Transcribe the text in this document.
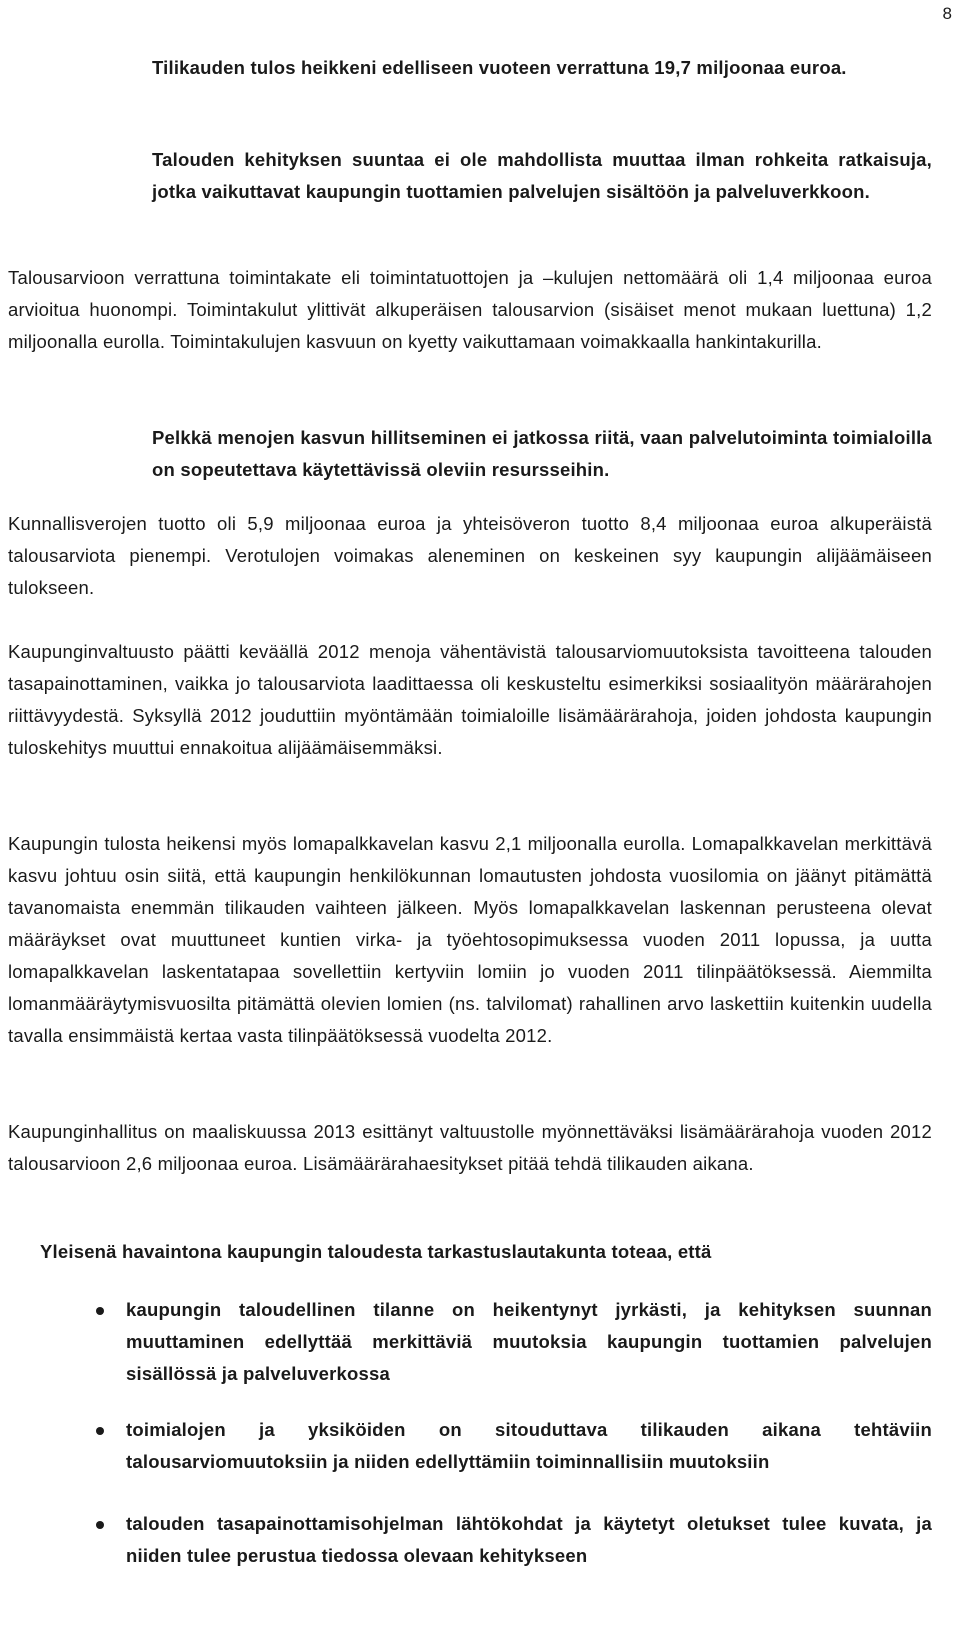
8

Tilikauden tulos heikkeni edelliseen vuoteen verrattuna 19,7 miljoonaa euroa.

Talouden kehityksen suuntaa ei ole mahdollista muuttaa ilman rohkeita ratkaisuja, jotka vaikuttavat kaupungin tuottamien palvelujen sisältöön ja palveluverkkoon.

Talousarvioon verrattuna toimintakate eli toimintatuottojen ja –kulujen nettomäärä oli 1,4 miljoonaa euroa arvioitua huonompi. Toimintakulut ylittivät alkuperäisen talousarvion (sisäiset menot mukaan luettuna) 1,2 miljoonalla eurolla. Toimintakulujen kasvuun on kyetty vaikuttamaan voimakkaalla hankintakurilla.

Pelkkä menojen kasvun hillitseminen ei jatkossa riitä, vaan palvelutoiminta toimialoilla on sopeutettava käytettävissä oleviin resursseihin.

Kunnallisverojen tuotto oli 5,9 miljoonaa euroa ja yhteisöveron tuotto 8,4 miljoonaa euroa alkuperäistä talousarviota pienempi. Verotulojen voimakas aleneminen on keskeinen syy kaupungin alijäämäiseen tulokseen.

Kaupunginvaltuusto päätti keväällä 2012 menoja vähentävistä talousarviomuutoksista tavoitteena talouden tasapainottaminen, vaikka jo talousarviota laadittaessa oli keskusteltu esimerkiksi sosiaalityön määrärahojen riittävyydestä. Syksyllä 2012 jouduttiin myöntämään toimialoille lisämäärärahoja, joiden johdosta kaupungin tuloskehitys muuttui ennakoitua alijäämäisemmäksi.

Kaupungin tulosta heikensi myös lomapalkkavelan kasvu 2,1 miljoonalla eurolla. Lomapalkkavelan merkittävä kasvu johtuu osin siitä, että kaupungin henkilökunnan lomautusten johdosta vuosilomia on jäänyt pitämättä tavanomaista enemmän tilikauden vaihteen jälkeen. Myös lomapalkkavelan laskennan perusteena olevat määräykset ovat muuttuneet kuntien virka- ja työehtosopimuksessa vuoden 2011 lopussa, ja uutta lomapalkkavelan laskentatapaa sovellettiin kertyviin lomiin jo vuoden 2011 tilinpäätöksessä. Aiemmilta lomanmääräytymisvuosilta pitämättä olevien lomien (ns. talvilomat) rahallinen arvo laskettiin kuitenkin uudella tavalla ensimmäistä kertaa vasta tilinpäätöksessä vuodelta 2012.

Kaupunginhallitus on maaliskuussa 2013 esittänyt valtuustolle myönnettäväksi lisämäärärahoja vuoden 2012 talousarvioon 2,6 miljoonaa euroa. Lisämäärärahaesitykset pitää tehdä tilikauden aikana.

Yleisenä havaintona kaupungin taloudesta tarkastuslautakunta toteaa, että

kaupungin taloudellinen tilanne on heikentynyt jyrkästi, ja kehityksen suunnan muuttaminen edellyttää merkittäviä muutoksia kaupungin tuottamien palvelujen sisällössä ja palveluverkossa
toimialojen ja yksiköiden on sitouduttava tilikauden aikana tehtäviin talousarviomuutoksiin ja niiden edellyttämiin toiminnallisiin muutoksiin
talouden tasapainottamisohjelman lähtökohdat ja käytetyt oletukset tulee kuvata, ja niiden tulee perustua tiedossa olevaan kehitykseen
